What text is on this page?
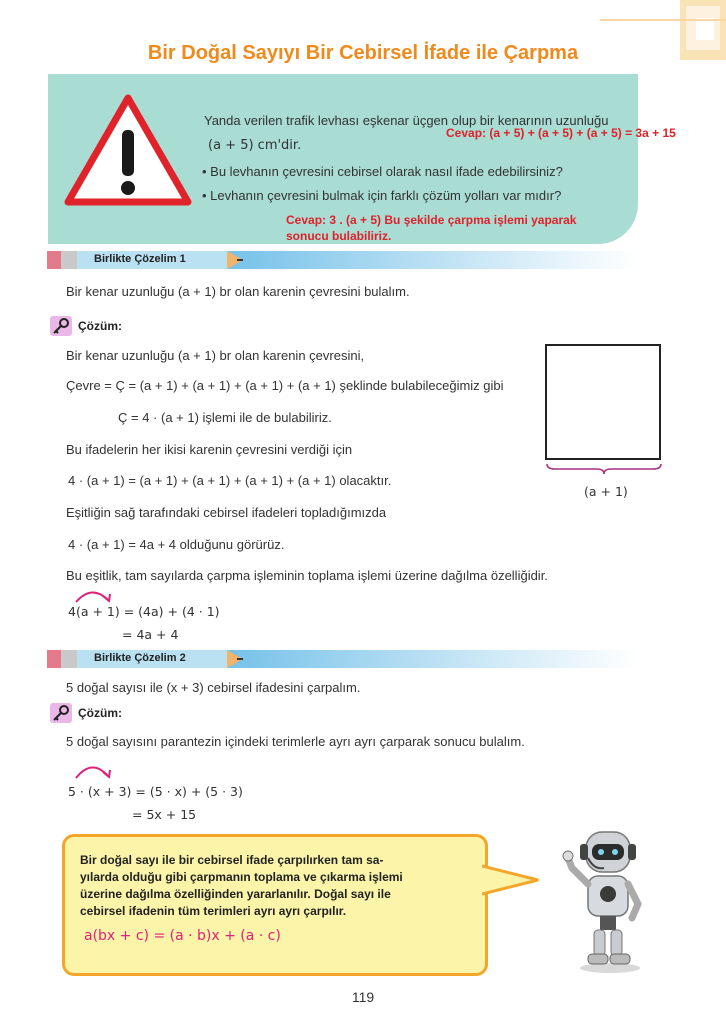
Bir Doğal Sayıyı Bir Cebirsel İfade ile Çarpma
Yanda verilen trafik levhası eşkenar üçgen olup bir kenarının uzunluğu
(a + 5) cm'dir.
Cevap: (a + 5) + (a + 5) + (a + 5) = 3a + 15
• Bu levhanın çevresini cebirsel olarak nasıl ifade edebilirsiniz?
• Levhanın çevresini bulmak için farklı çözüm yolları var mıdır?
Cevap: 3 . (a + 5) Bu şekilde çarpma işlemi yaparak
sonucu bulabiliriz.
Birlikte Çözelim 1
Bir kenar uzunluğu (a + 1) br olan karenin çevresini bulalım.
Çözüm:
Bir kenar uzunluğu (a + 1) br olan karenin çevresini,
Çevre = Ç = (a + 1) + (a + 1) + (a + 1) + (a + 1) şeklinde bulabileceğimiz gibi
Ç = 4 · (a + 1) işlemi ile de bulabiliriz.
Bu ifadelerin her ikisi karenin çevresini verdiği için
4 · (a + 1) = (a + 1) + (a + 1) + (a + 1) + (a + 1) olacaktır.
Eşitliğin sağ tarafındaki cebirsel ifadeleri topladığımızda
4 · (a + 1) = 4a + 4 olduğunu görürüz.
Bu eşitlik, tam sayılarda çarpma işleminin toplama işlemi üzerine dağılma özelliğidir.
4(a + 1) = (4a) + (4 · 1)
= 4a + 4
(a + 1)
Birlikte Çözelim 2
5 doğal sayısı ile (x + 3) cebirsel ifadesini çarpalım.
Çözüm:
5 doğal sayısını parantezin içindeki terimlerle ayrı ayrı çarparak sonucu bulalım.
5 · (x + 3) = (5 · x) + (5 · 3)
= 5x + 15
Bir doğal sayı ile bir cebirsel ifade çarpılırken tam sa-
yılarda olduğu gibi çarpmanın toplama ve çıkarma işlemi
üzerine dağılma özelliğinden yararlanılır. Doğal sayı ile
cebirsel ifadenin tüm terimleri ayrı ayrı çarpılır.
a(bx + c) = (a · b)x + (a · c)
119
